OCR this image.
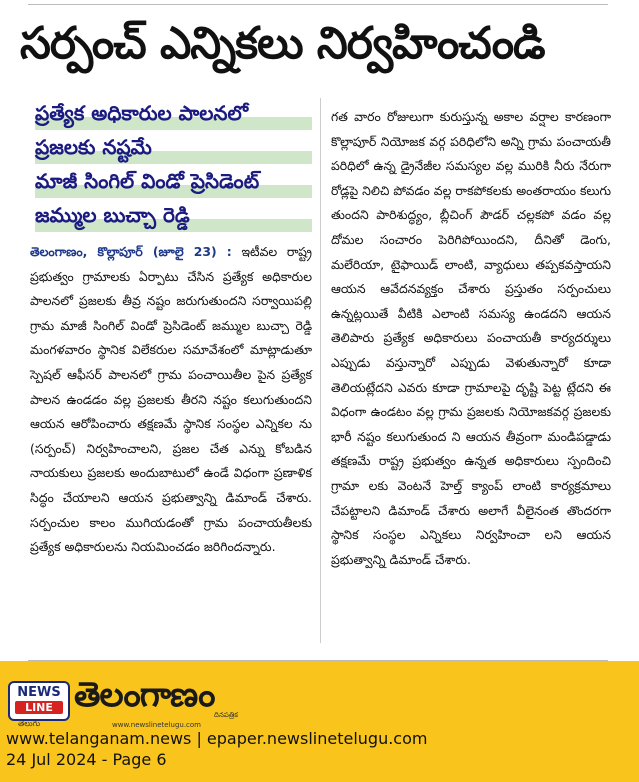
సర్పంచ్ ఎన్నికలు నిర్వహించండి
ప్రత్యేక అధికారుల పాలనలో
ప్రజలకు నష్టమే
మాజీ సింగిల్ విండో ప్రెసిడెంట్
జమ్ముల బుచ్చా రెడ్డి
తెలంగాణం, కొల్లాపూర్ (జూలై 23) : ఇటీవల రాష్ట్ర ప్రభుత్వం గ్రామాలకు ఏర్పాటు చేసిన ప్రత్యేక అధికారుల పాలనలో ప్రజలకు తీవ్ర నష్టం జరుగుతుందని సర్వాయిపల్లి గ్రామ మాజీ సింగిల్ విండో ప్రెసిడెంట్ జమ్ముల బుచ్చా రెడ్డి మంగళవారం స్థానిక విలేకరుల సమావేశంలో మాట్లాడుతూ స్పెషల్ ఆఫీసర్ పాలనలో గ్రామ పంచాయితీల పైన ప్రత్యేక పాలన ఉండడం వల్ల ప్రజలకు తీరని నష్టం కలుగుతుందని ఆయన ఆరోపించారు తక్షణమే స్థానిక సంస్థల ఎన్నికల ను (సర్పంచ్) నిర్వహించాలని, ప్రజల చేత ఎన్ను కోబడిన నాయకులు ప్రజలకు అందుబాటులో ఉండే విధంగా ప్రణాళిక సిద్ధం చేయాలని ఆయన ప్రభుత్వాన్ని డిమాండ్ చేశారు. సర్పంచుల కాలం ముగియడంతో గ్రామ పంచాయతీలకు ప్రత్యేక అధికారులను నియమించడం జరిగిందన్నారు.
గత వారం రోజులుగా కురుస్తున్న అకాల వర్షాల కారణంగా కొల్లాపూర్ నియోజక వర్గ పరిధిలోని అన్ని గ్రామ పంచాయతీ పరిధిలో ఉన్న డ్రైనేజీల సమస్యల వల్ల మురికి నీరు నేరుగా రోడ్లపై నిలిచి పోవడం వల్ల రాకపోకలకు అంతరాయం కలుగు తుందని పారిశుద్ధ్యం, బ్లీచింగ్ పౌడర్ చల్లకపో వడం వల్ల దోమల సంచారం పెరిగిపోయిందని, దీనితో డెంగు, మలేరియా, టైఫాయిడ్ లాంటి, వ్యాధులు తప్పకవస్తాయని ఆయన ఆవేదనవ్యక్తం చేశారు ప్రస్తుతం సర్పంచులు ఉన్నట్లయితే వీటికి ఎలాంటి సమస్య ఉండదని ఆయన తెలిపారు ప్రత్యేక అధికారులు పంచాయతీ కార్యదర్శులు ఎప్పుడు వస్తున్నారో ఎప్పుడు వెళుతున్నారో కూడా తెలియట్లేదని ఎవరు కూడా గ్రామాలపై దృష్టి పెట్ట ట్లేదని ఈ విధంగా ఉండటం వల్ల గ్రామ ప్రజలకు నియోజకవర్గ ప్రజలకు భారీ నష్టం కలుగుతుంద ని ఆయన తీవ్రంగా మండిపడ్డాడు తక్షణమే రాష్ట్ర ప్రభుత్వం ఉన్నత అధికారులు స్పందించి గ్రామా లకు వెంటనే హెల్త్ క్యాంప్ లాంటి కార్యక్రమాలు చేపట్టాలని డిమాండ్ చేశారు అలాగే వీలైనంత తొందరగా స్థానిక సంస్థల ఎన్నికలు నిర్వహించా లని ఆయన ప్రభుత్వాన్ని డిమాండ్ చేశారు.
NEWS
LINE
తెలుగు
తెలగాణం
www.newslinetelugu.com
దినపత్రిక
www.telanganam.news | epaper.newslinetelugu.com
24 Jul 2024 - Page 6
